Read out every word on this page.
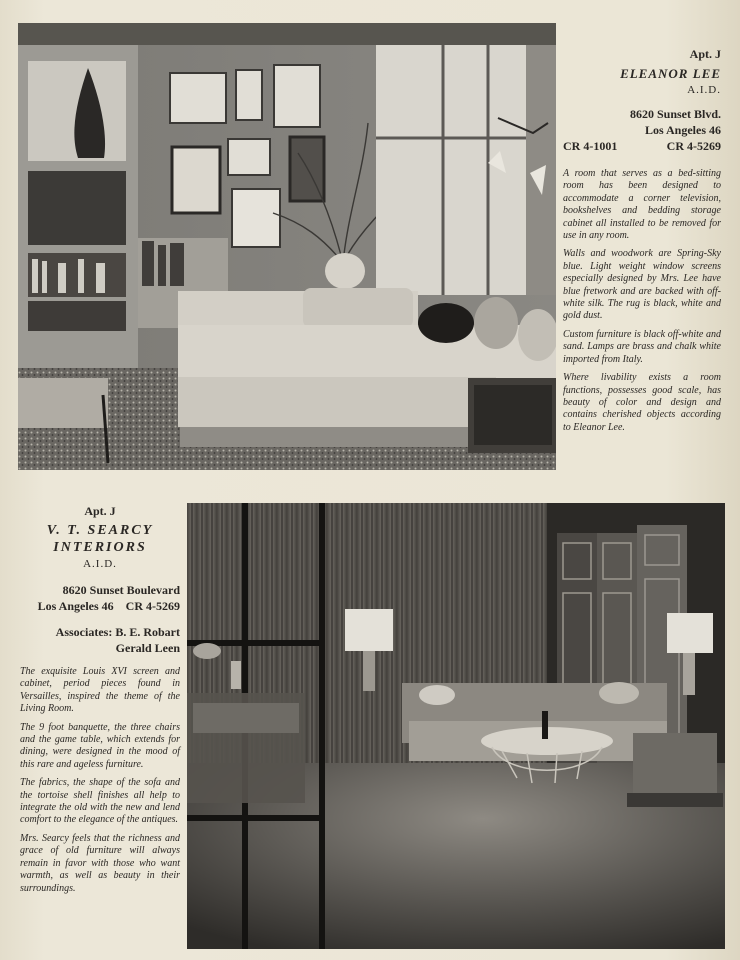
Apt. J
ELEANOR LEE
A.I.D.
8620 Sunset Blvd.
Los Angeles 46
CR 4-1001	CR 4-5269

A room that serves as a bed-sitting room has been designed to accommodate a corner television, bookshelves and bedding storage cabinet all installed to be removed for use in any room.

Walls and woodwork are Spring-Sky blue. Light weight window screens especially designed by Mrs. Lee have blue fretwork and are backed with off-white silk. The rug is black, white and gold dust.

Custom furniture is black off-white and sand. Lamps are brass and chalk white imported from Italy.

Where livability exists a room functions, possesses good scale, has beauty of color and design and contains cherished objects according to Eleanor Lee.

Apt. J
V. T. SEARCY
INTERIORS
A.I.D.
8620 Sunset Boulevard
Los Angeles 46 CR 4-5269
Associates: B. E. Robart
Gerald Leen

The exquisite Louis XVI screen and cabinet, period pieces found in Versailles, inspired the theme of the Living Room.

The 9 foot banquette, the three chairs and the game table, which extends for dining, were designed in the mood of this rare and ageless furniture.

The fabrics, the shape of the sofa and the tortoise shell finishes all help to integrate the old with the new and lend comfort to the elegance of the antiques.

Mrs. Searcy feels that the richness and grace of old furniture will always remain in favor with those who want warmth, as well as beauty in their surroundings.
